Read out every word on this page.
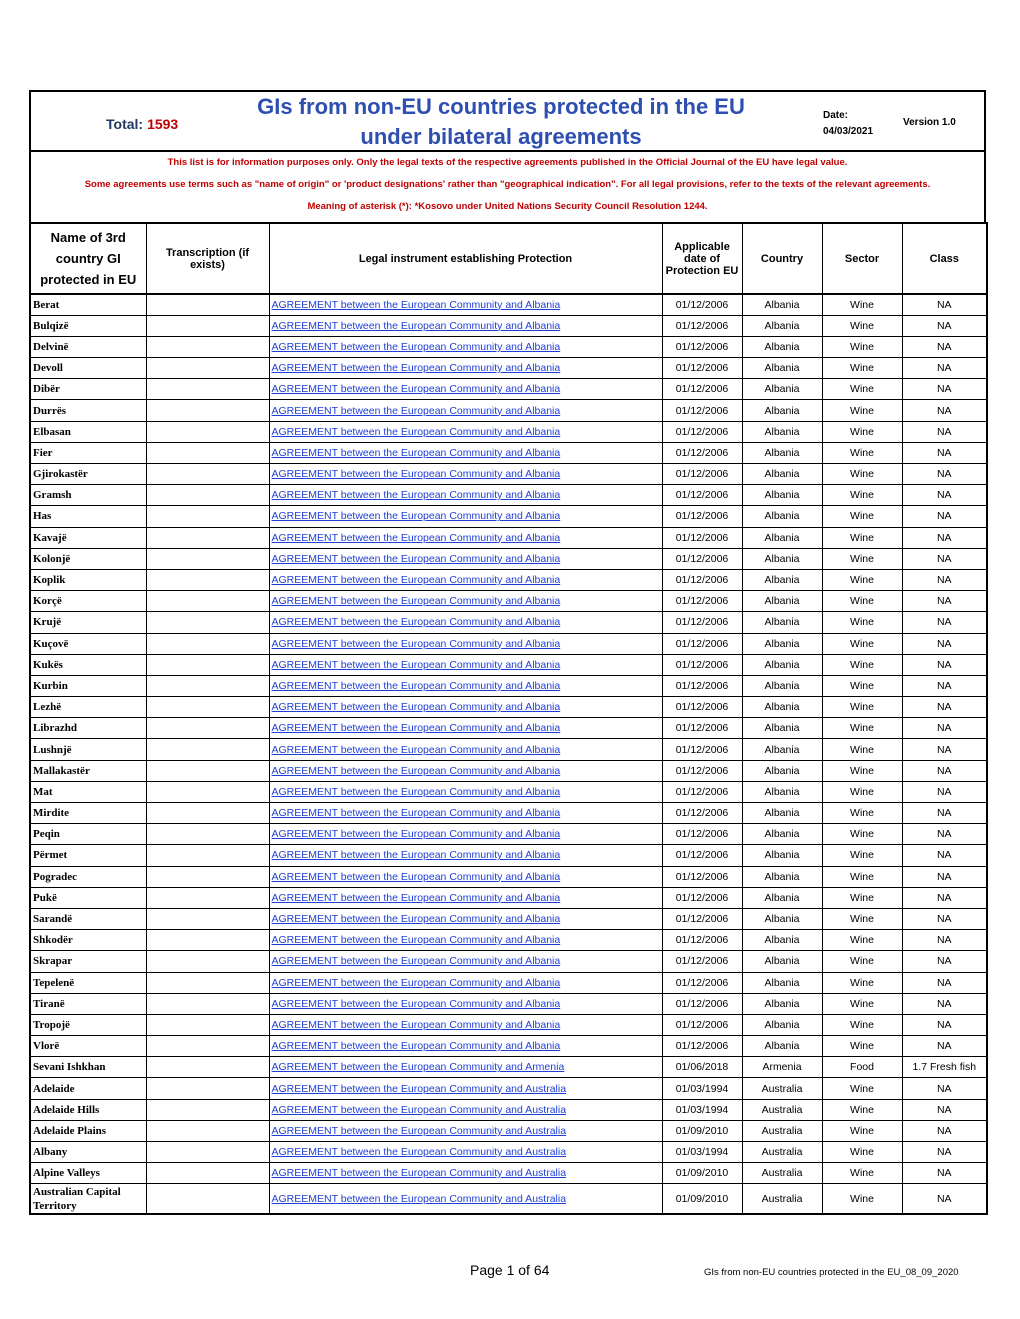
Total: 1593
GIs from non-EU countries protected in the EU
under bilateral agreements
Date:
04/03/2021
Version 1.0
This list is for information purposes only. Only the legal texts of the respective agreements published in the Official Journal of the EU have legal value.
Some agreements use terms such as "name of origin" or 'product designations' rather than "geographical indication". For all legal provisions, refer to the texts of the relevant agreements.
Meaning of asterisk (*): *Kosovo under United Nations Security Council Resolution 1244.
Name of 3rd country GI protected in EU	Transcription (if exists)	Legal instrument establishing Protection	Applicable date of Protection EU	Country	Sector	Class
Berat		AGREEMENT between the European Community and Albania	01/12/2006	Albania	Wine	NA
Bulqizë		AGREEMENT between the European Community and Albania	01/12/2006	Albania	Wine	NA
Delvinë		AGREEMENT between the European Community and Albania	01/12/2006	Albania	Wine	NA
Devoll		AGREEMENT between the European Community and Albania	01/12/2006	Albania	Wine	NA
Dibër		AGREEMENT between the European Community and Albania	01/12/2006	Albania	Wine	NA
Durrës		AGREEMENT between the European Community and Albania	01/12/2006	Albania	Wine	NA
Elbasan		AGREEMENT between the European Community and Albania	01/12/2006	Albania	Wine	NA
Fier		AGREEMENT between the European Community and Albania	01/12/2006	Albania	Wine	NA
Gjirokastër		AGREEMENT between the European Community and Albania	01/12/2006	Albania	Wine	NA
Gramsh		AGREEMENT between the European Community and Albania	01/12/2006	Albania	Wine	NA
Has		AGREEMENT between the European Community and Albania	01/12/2006	Albania	Wine	NA
Kavajë		AGREEMENT between the European Community and Albania	01/12/2006	Albania	Wine	NA
Kolonjë		AGREEMENT between the European Community and Albania	01/12/2006	Albania	Wine	NA
Koplik		AGREEMENT between the European Community and Albania	01/12/2006	Albania	Wine	NA
Korçë		AGREEMENT between the European Community and Albania	01/12/2006	Albania	Wine	NA
Krujë		AGREEMENT between the European Community and Albania	01/12/2006	Albania	Wine	NA
Kuçovë		AGREEMENT between the European Community and Albania	01/12/2006	Albania	Wine	NA
Kukës		AGREEMENT between the European Community and Albania	01/12/2006	Albania	Wine	NA
Kurbin		AGREEMENT between the European Community and Albania	01/12/2006	Albania	Wine	NA
Lezhë		AGREEMENT between the European Community and Albania	01/12/2006	Albania	Wine	NA
Librazhd		AGREEMENT between the European Community and Albania	01/12/2006	Albania	Wine	NA
Lushnjë		AGREEMENT between the European Community and Albania	01/12/2006	Albania	Wine	NA
Mallakastër		AGREEMENT between the European Community and Albania	01/12/2006	Albania	Wine	NA
Mat		AGREEMENT between the European Community and Albania	01/12/2006	Albania	Wine	NA
Mirdite		AGREEMENT between the European Community and Albania	01/12/2006	Albania	Wine	NA
Peqin		AGREEMENT between the European Community and Albania	01/12/2006	Albania	Wine	NA
Përmet		AGREEMENT between the European Community and Albania	01/12/2006	Albania	Wine	NA
Pogradec		AGREEMENT between the European Community and Albania	01/12/2006	Albania	Wine	NA
Pukë		AGREEMENT between the European Community and Albania	01/12/2006	Albania	Wine	NA
Sarandë		AGREEMENT between the European Community and Albania	01/12/2006	Albania	Wine	NA
Shkodër		AGREEMENT between the European Community and Albania	01/12/2006	Albania	Wine	NA
Skrapar		AGREEMENT between the European Community and Albania	01/12/2006	Albania	Wine	NA
Tepelenë		AGREEMENT between the European Community and Albania	01/12/2006	Albania	Wine	NA
Tiranë		AGREEMENT between the European Community and Albania	01/12/2006	Albania	Wine	NA
Tropojë		AGREEMENT between the European Community and Albania	01/12/2006	Albania	Wine	NA
Vlorë		AGREEMENT between the European Community and Albania	01/12/2006	Albania	Wine	NA
Sevani Ishkhan		AGREEMENT between the European Community and Armenia	01/06/2018	Armenia	Food	1.7 Fresh fish
Adelaide		AGREEMENT between the European Community and Australia	01/03/1994	Australia	Wine	NA
Adelaide Hills		AGREEMENT between the European Community and Australia	01/03/1994	Australia	Wine	NA
Adelaide Plains		AGREEMENT between the European Community and Australia	01/09/2010	Australia	Wine	NA
Albany		AGREEMENT between the European Community and Australia	01/03/1994	Australia	Wine	NA
Alpine Valleys		AGREEMENT between the European Community and Australia	01/09/2010	Australia	Wine	NA
Australian Capital Territory		AGREEMENT between the European Community and Australia	01/09/2010	Australia	Wine	NA
Page 1 of 64	GIs from non-EU countries protected in the EU_08_09_2020
